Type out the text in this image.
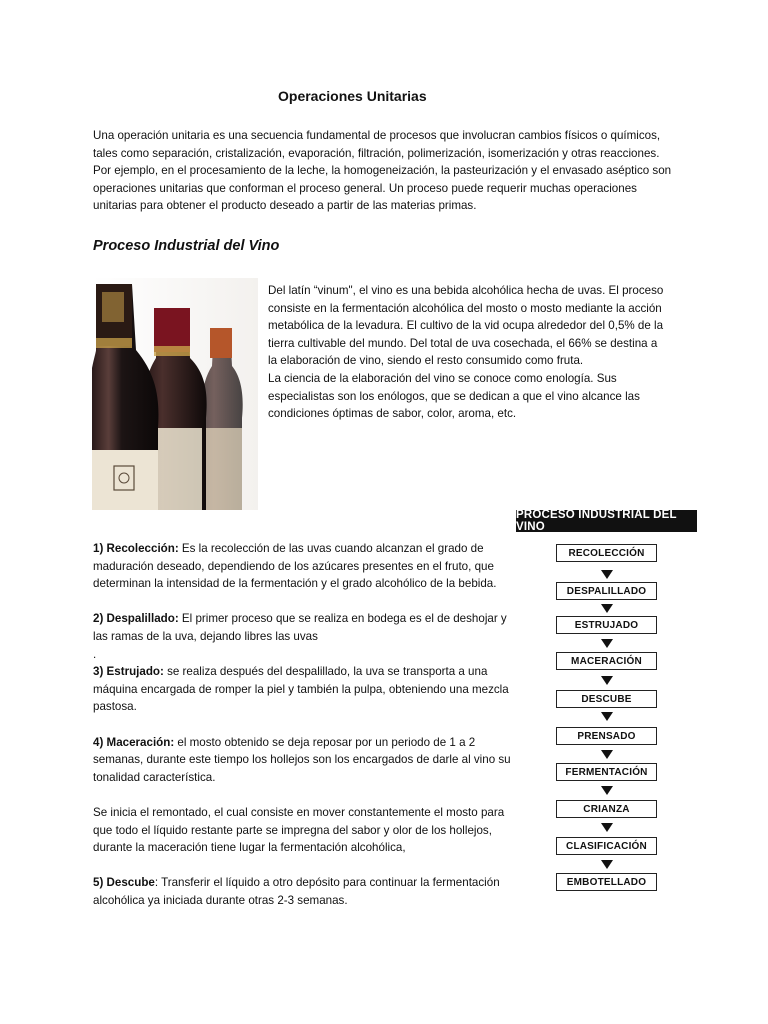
Operaciones Unitarias

Una operación unitaria es una secuencia fundamental de procesos que involucran cambios físicos o químicos, tales como separación, cristalización, evaporación, filtración, polimerización, isomerización y otras reacciones. Por ejemplo, en el procesamiento de la leche, la homogeneización, la pasteurización y el envasado aséptico son operaciones unitarias que conforman el proceso general. Un proceso puede requerir muchas operaciones unitarias para obtener el producto deseado a partir de las materias primas.

Proceso Industrial del Vino

Del latín “vinum", el vino es una bebida alcohólica hecha de uvas. El proceso consiste en la fermentación alcohólica del mosto o mosto mediante la acción metabólica de la levadura. El cultivo de la vid ocupa alrededor del 0,5% de la tierra cultivable del mundo. Del total de uva cosechada, el 66% se destina a la elaboración de vino, siendo el resto consumido como fruta.

La ciencia de la elaboración del vino se conoce como enología. Sus especialistas son los enólogos, que se dedican a que el vino alcance las condiciones óptimas de sabor, color, aroma, etc.

1) Recolección: Es la recolección de las uvas cuando alcanzan el grado de maduración deseado, dependiendo de los azúcares presentes en el fruto, que determinan la intensidad de la fermentación y el grado alcohólico de la bebida.

2) Despalillado: El primer proceso que se realiza en bodega es el de deshojar y las ramas de la uva, dejando libres las uvas

.

3) Estrujado: se realiza después del despalillado, la uva se transporta a una máquina encargada de romper la piel y también la pulpa, obteniendo una mezcla pastosa.

4) Maceración: el mosto obtenido se deja reposar por un periodo de 1 a 2 semanas, durante este tiempo los hollejos son los encargados de darle al vino su tonalidad característica.

Se inicia el remontado, el cual consiste en mover constantemente el mosto para que todo el líquido restante parte se impregna del sabor y olor de los hollejos, durante la maceración tiene lugar la fermentación alcohólica,

5) Descube: Transferir el líquido a otro depósito para continuar la fermentación alcohólica ya iniciada durante otras 2-3 semanas.

PROCESO INDUSTRIAL DEL VINO
RECOLECCIÓN
DESPALILLADO
ESTRUJADO
MACERACIÓN
DESCUBE
PRENSADO
FERMENTACIÓN
CRIANZA
CLASIFICACIÓN
EMBOTELLADO
